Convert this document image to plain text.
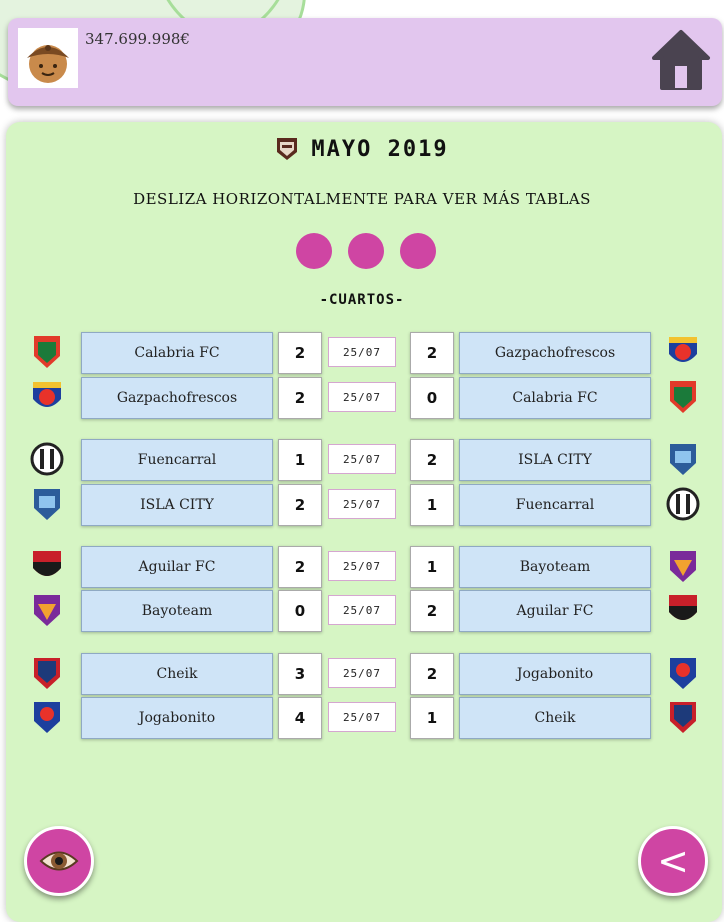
347.699.998€
MAYO 2019
DESLIZA HORIZONTALMENTE PARA VER MÁS TABLAS
-CUARTOS-
Calabria FC	2	25/07	2	Gazpachofrescos
Gazpachofrescos	2	25/07	0	Calabria FC
Fuencarral	1	25/07	2	ISLA CITY
ISLA CITY	2	25/07	1	Fuencarral
Aguilar FC	2	25/07	1	Bayoteam
Bayoteam	0	25/07	2	Aguilar FC
Cheik	3	25/07	2	Jogabonito
Jogabonito	4	25/07	1	Cheik
<
